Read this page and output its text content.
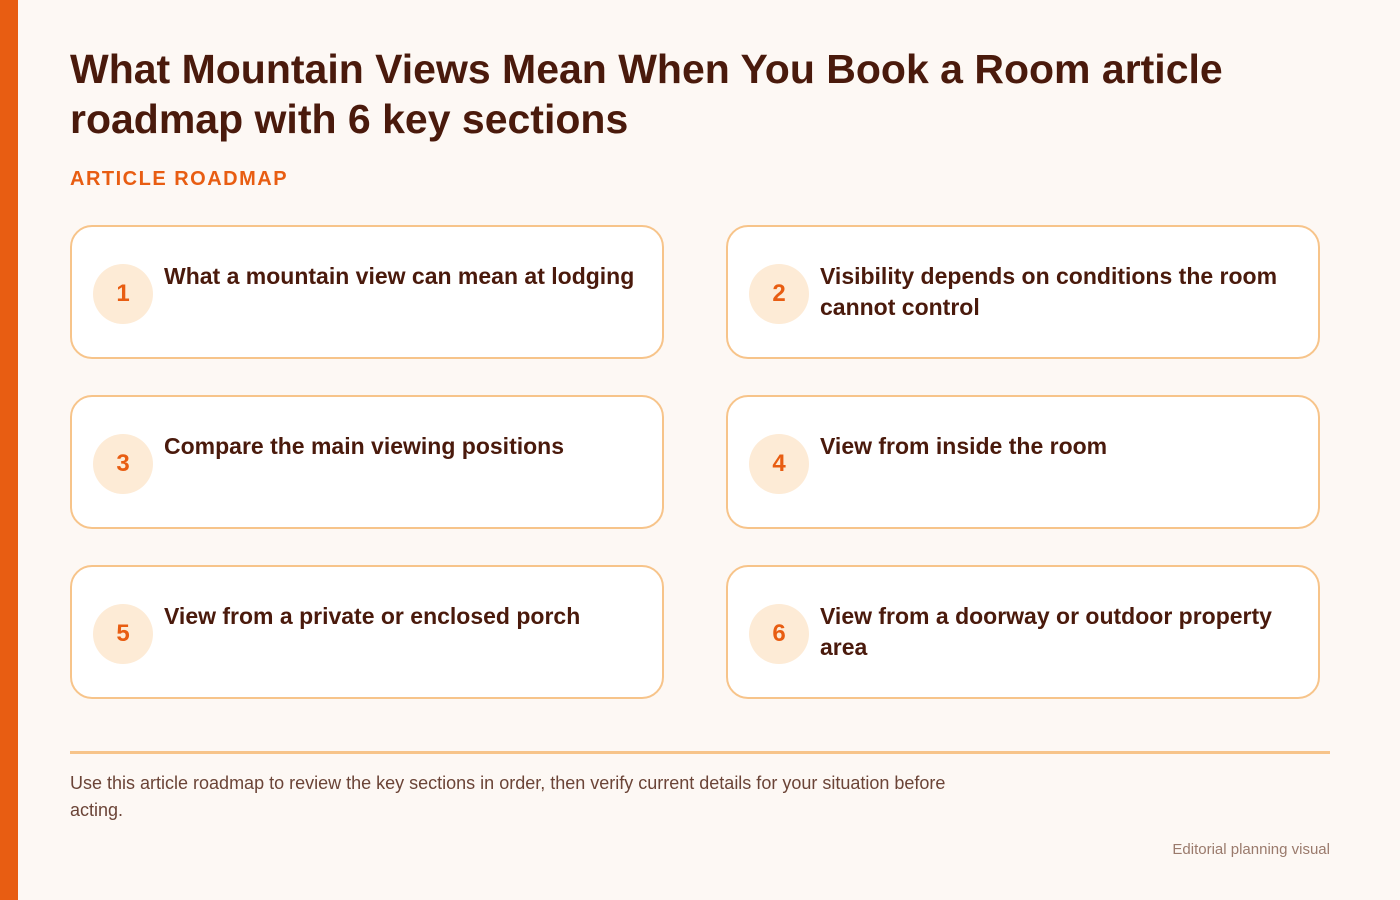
What Mountain Views Mean When You Book a Room article roadmap with 6 key sections
ARTICLE ROADMAP
1
What a mountain view can mean at lodging
2
Visibility depends on conditions the room cannot control
3
Compare the main viewing positions
4
View from inside the room
5
View from a private or enclosed porch
6
View from a doorway or outdoor property area
Use this article roadmap to review the key sections in order, then verify current details for your situation before acting.
Editorial planning visual
